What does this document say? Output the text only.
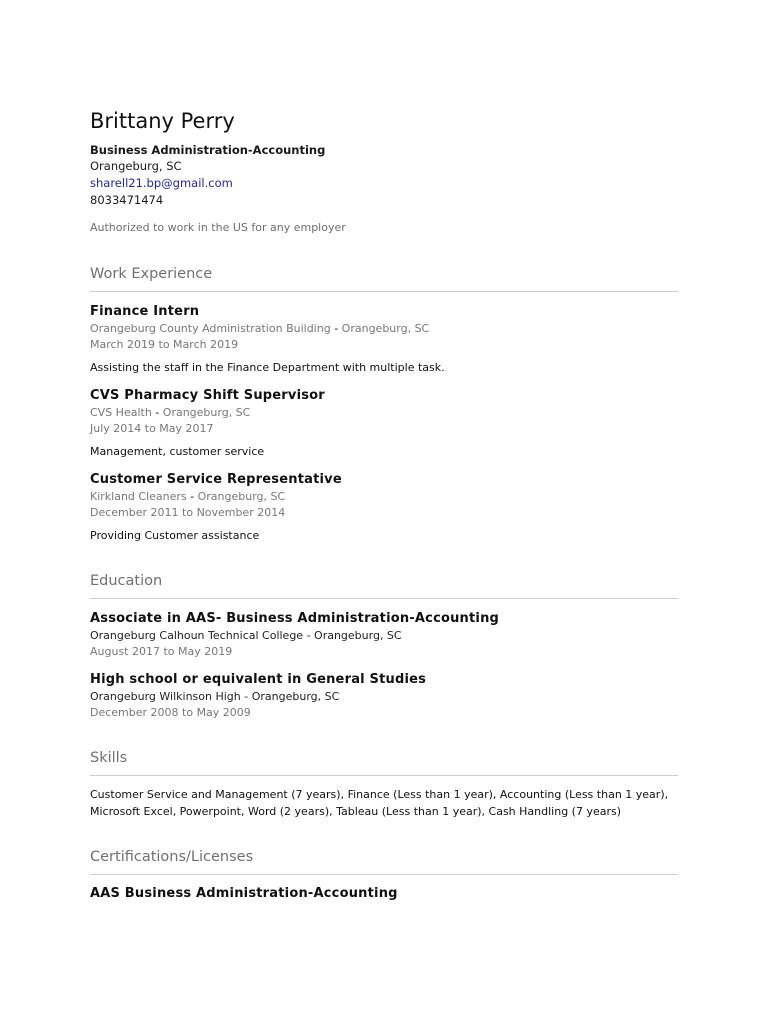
Brittany Perry
Business Administration-Accounting
Orangeburg, SC
sharell21.bp@gmail.com
8033471474
Authorized to work in the US for any employer
Work Experience
Finance Intern
Orangeburg County Administration Building - Orangeburg, SC
March 2019 to March 2019
Assisting the staff in the Finance Department with multiple task.
CVS Pharmacy Shift Supervisor
CVS Health - Orangeburg, SC
July 2014 to May 2017
Management, customer service
Customer Service Representative
Kirkland Cleaners - Orangeburg, SC
December 2011 to November 2014
Providing Customer assistance
Education
Associate in AAS- Business Administration-Accounting
Orangeburg Calhoun Technical College - Orangeburg, SC
August 2017 to May 2019
High school or equivalent in General Studies
Orangeburg Wilkinson High - Orangeburg, SC
December 2008 to May 2009
Skills
Customer Service and Management (7 years), Finance (Less than 1 year), Accounting (Less than 1 year), Microsoft Excel, Powerpoint, Word (2 years), Tableau (Less than 1 year), Cash Handling (7 years)
Certifications/Licenses
AAS Business Administration-Accounting
